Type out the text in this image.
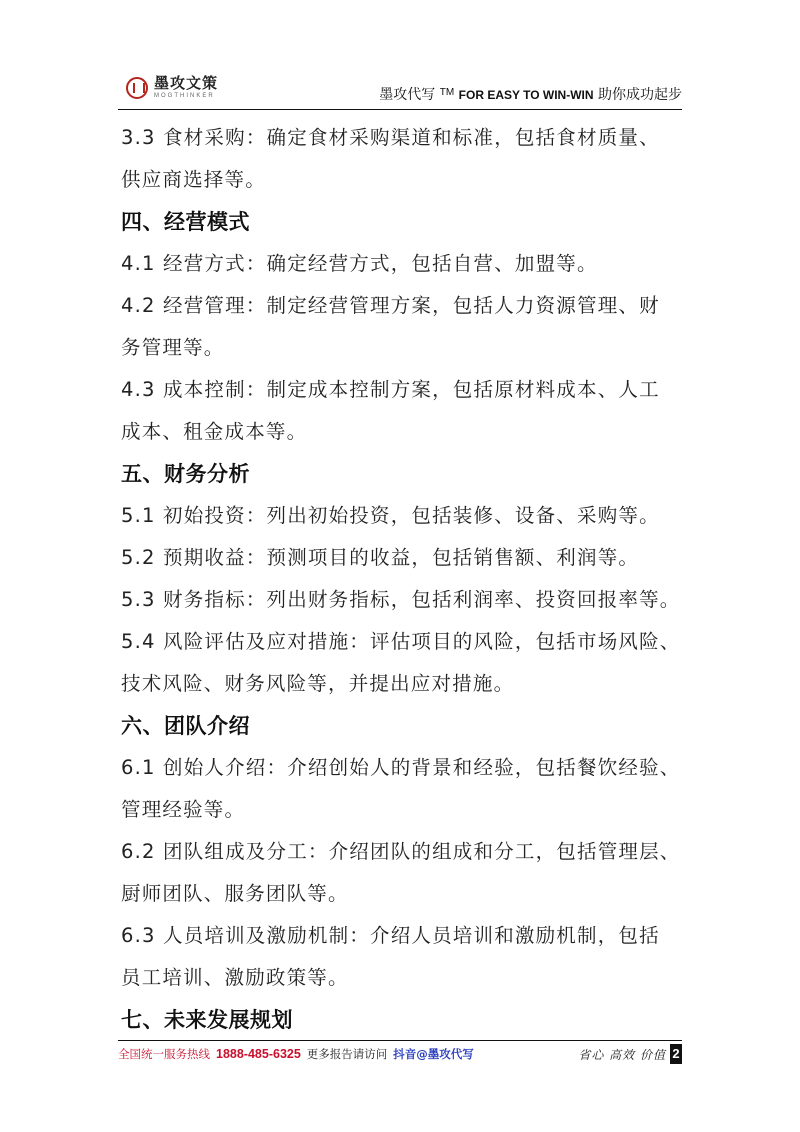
墨攻文策
MOGTHINKER	墨攻代写 ™ FOR EASY TO WIN-WIN 助你成功起步
3.3 食材采购：确定食材采购渠道和标准，包括食材质量、
供应商选择等。
四、经营模式
4.1 经营方式：确定经营方式，包括自营、加盟等。
4.2 经营管理：制定经营管理方案，包括人力资源管理、财
务管理等。
4.3 成本控制：制定成本控制方案，包括原材料成本、人工
成本、租金成本等。
五、财务分析
5.1 初始投资：列出初始投资，包括装修、设备、采购等。
5.2 预期收益：预测项目的收益，包括销售额、利润等。
5.3 财务指标：列出财务指标，包括利润率、投资回报率等。
5.4 风险评估及应对措施：评估项目的风险，包括市场风险、
技术风险、财务风险等，并提出应对措施。
六、团队介绍
6.1 创始人介绍：介绍创始人的背景和经验，包括餐饮经验、
管理经验等。
6.2 团队组成及分工：介绍团队的组成和分工，包括管理层、
厨师团队、服务团队等。
6.3 人员培训及激励机制：介绍人员培训和激励机制，包括
员工培训、激励政策等。
七、未来发展规划
全国统一服务热线 1888-485-6325 更多报告请访问 抖音@墨攻代写	省心 高效 价值 2
